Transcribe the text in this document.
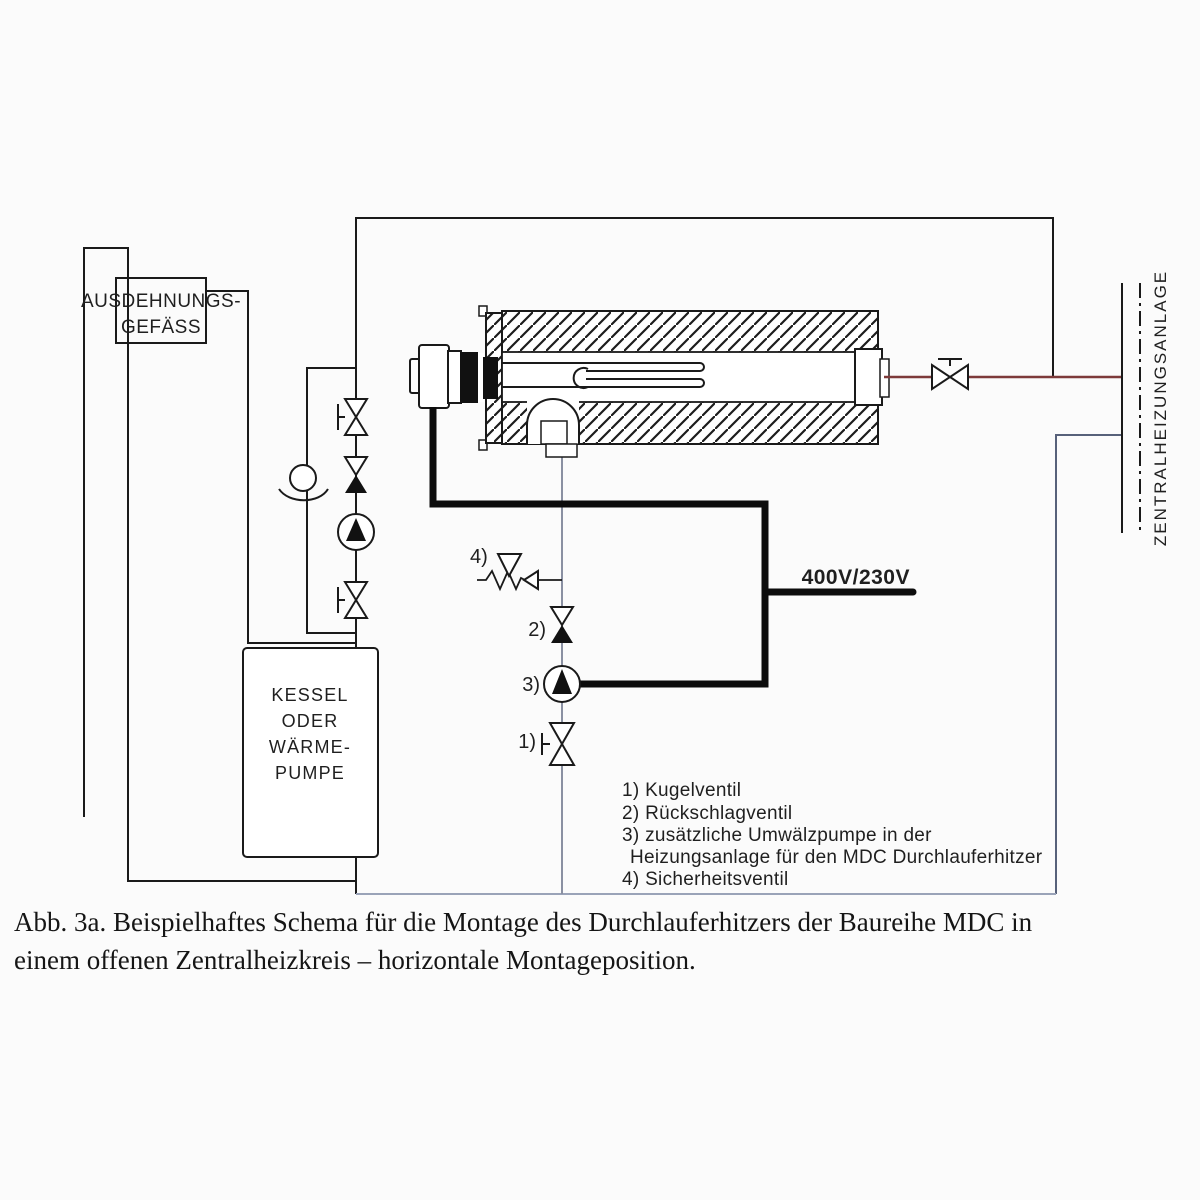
KESSEL
ODER
WÄRME-
PUMPE
400V/230V
ZENTRALHEIZUNGSANLAGE
4)
2)
3)
1)
AUSDEHNUNGS-
GEFÄSS
1) Kugelventil
2) Rückschlagventil
3) zusätzliche Umwälzpumpe in der
Heizungsanlage für den MDC Durchlauferhitzer
4) Sicherheitsventil
Abb. 3a. Beispielhaftes Schema für die Montage des Durchlauferhitzers der Baureihe MDC in
einem offenen Zentralheizkreis – horizontale Montageposition.
